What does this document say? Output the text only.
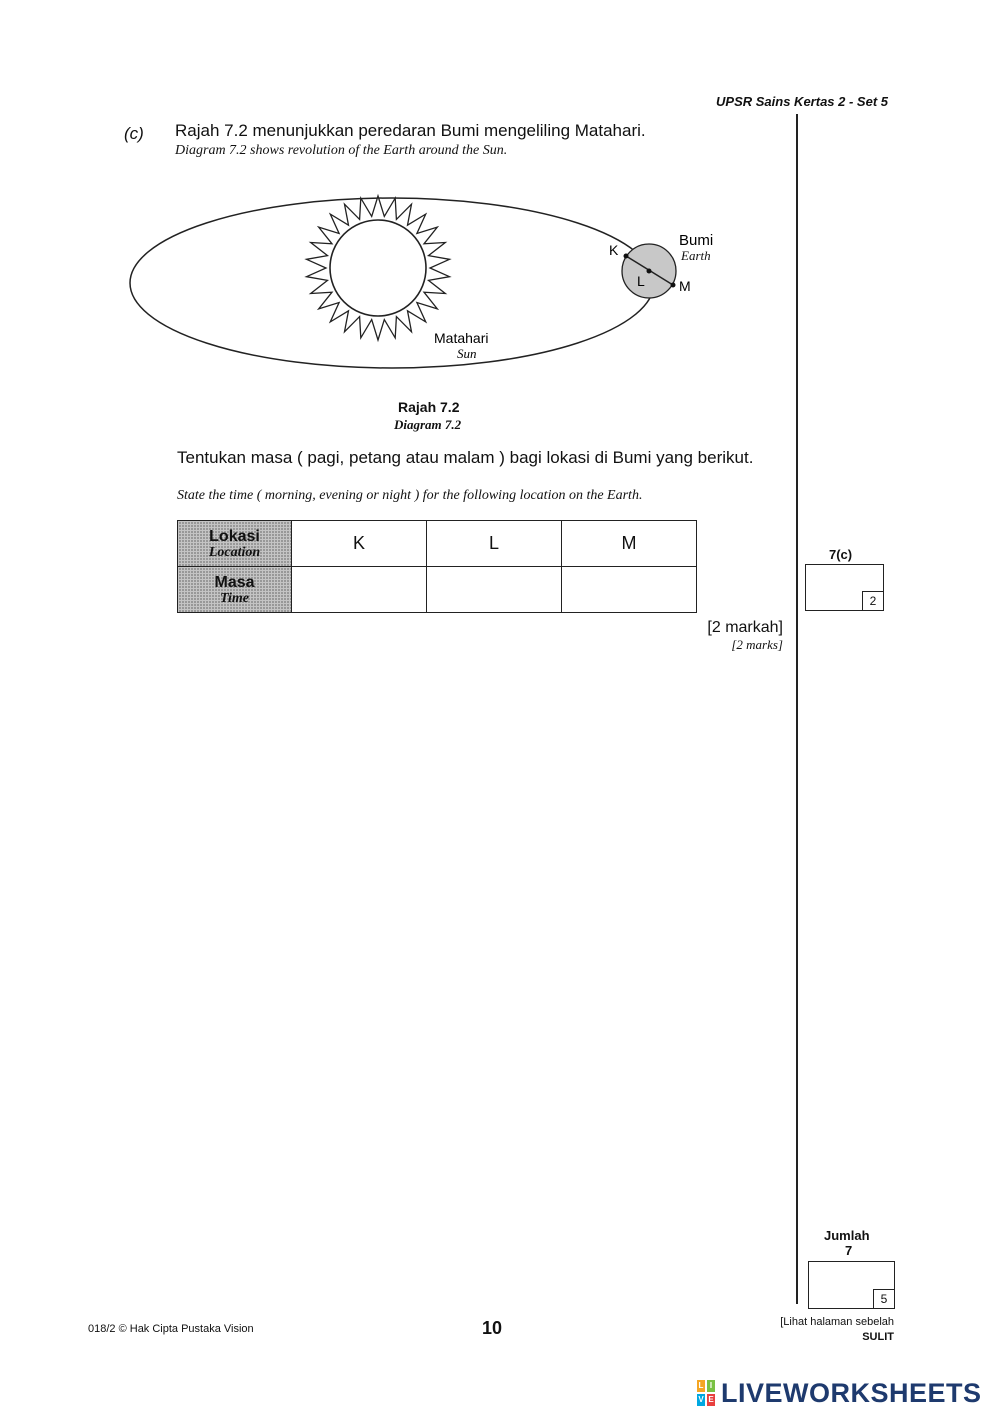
UPSR Sains Kertas 2 - Set 5
(c) Rajah 7.2 menunjukkan peredaran Bumi mengeliling Matahari.
Diagram 7.2 shows revolution of the Earth around the Sun.
Matahari
Sun
K
L M
Bumi
Earth
Rajah 7.2
Diagram 7.2
Tentukan masa ( pagi, petang atau malam ) bagi lokasi di Bumi yang berikut.
State the time ( morning, evening or night ) for the following location on the Earth.
Lokasi
Location	K	L	M

Masa
Time			

[2 markah]
[2 marks]
7(c)
2
Jumlah
7
5
018/2 © Hak Cipta Pustaka Vision	10	[Lihat halaman sebelah
SULIT
L I
V E LIVEWORKSHEETS
